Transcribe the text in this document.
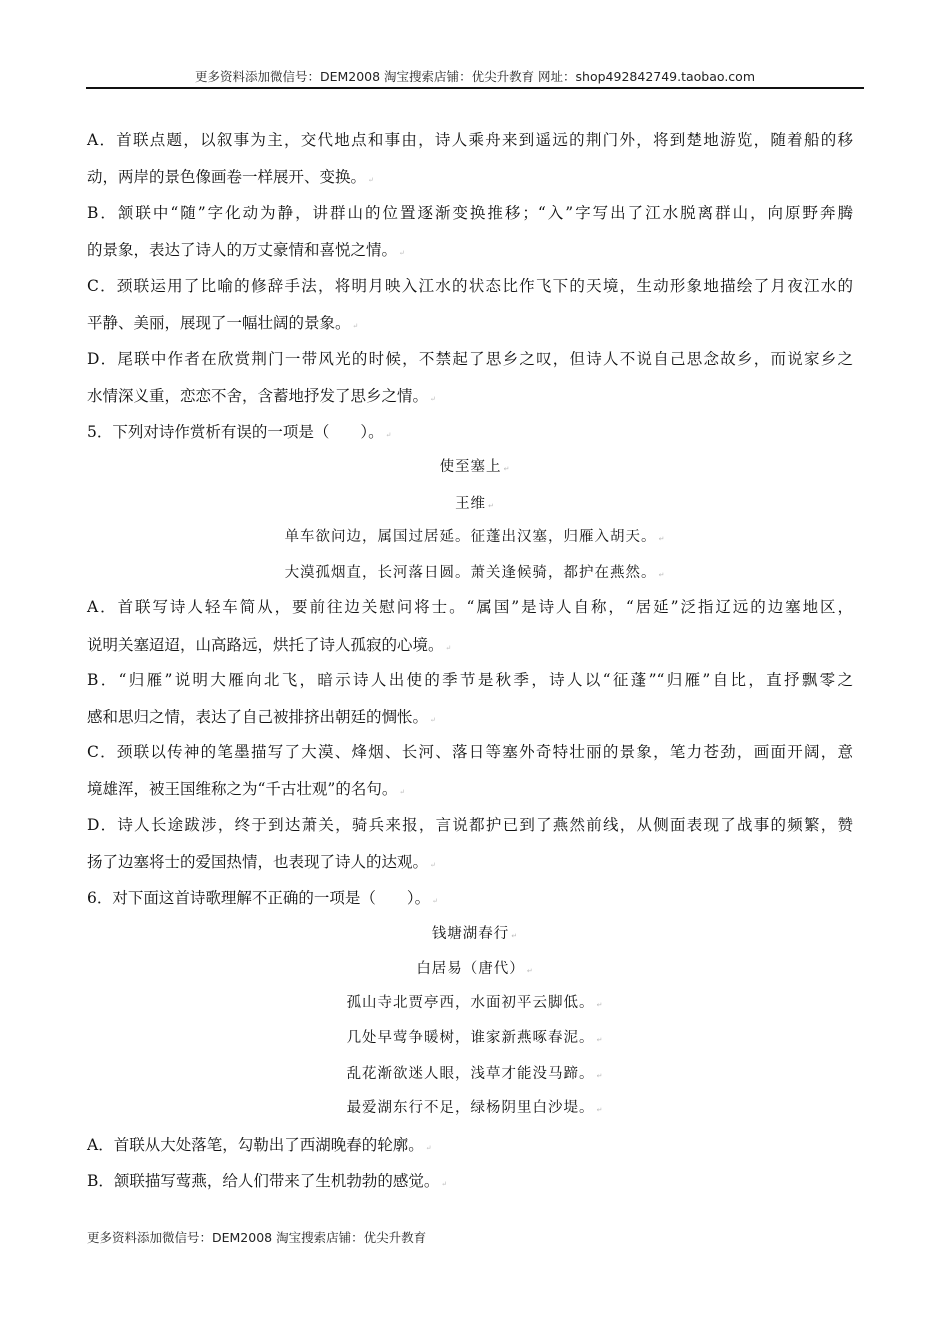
更多资料添加微信号：DEM2008 淘宝搜索店铺：优尖升教育 网址：shop492842749.taobao.com
A．首联点题，以叙事为主，交代地点和事由，诗人乘舟来到遥远的荆门外，将到楚地游览，随着船的移
动，两岸的景色像画卷一样展开、变换。 ↵
B．颔联中“随”字化动为静，讲群山的位置逐渐变换推移；“入”字写出了江水脱离群山，向原野奔腾
的景象，表达了诗人的万丈豪情和喜悦之情。 ↵
C．颈联运用了比喻的修辞手法，将明月映入江水的状态比作飞下的天境，生动形象地描绘了月夜江水的
平静、美丽，展现了一幅壮阔的景象。 ↵
D．尾联中作者在欣赏荆门一带风光的时候，不禁起了思乡之叹，但诗人不说自己思念故乡，而说家乡之
水情深义重，恋恋不舍，含蓄地抒发了思乡之情。 ↵
5．下列对诗作赏析有误的一项是（　　）。 ↵
使至塞上 ↵
王维 ↵
单车欲问边，属国过居延。征蓬出汉塞，归雁入胡天。 ↵
大漠孤烟直，长河落日圆。萧关逢候骑，都护在燕然。 ↵
A．首联写诗人轻车简从，要前往边关慰问将士。“属国”是诗人自称，“居延”泛指辽远的边塞地区，
说明关塞迢迢，山高路远，烘托了诗人孤寂的心境。 ↵
B．“归雁”说明大雁向北飞，暗示诗人出使的季节是秋季，诗人以“征蓬”“归雁”自比，直抒飘零之
感和思归之情，表达了自己被排挤出朝廷的惆怅。 ↵
C．颈联以传神的笔墨描写了大漠、烽烟、长河、落日等塞外奇特壮丽的景象，笔力苍劲，画面开阔，意
境雄浑，被王国维称之为“千古壮观”的名句。 ↵
D．诗人长途跋涉，终于到达萧关，骑兵来报，言说都护已到了燕然前线，从侧面表现了战事的频繁，赞
扬了边塞将士的爱国热情，也表现了诗人的达观。 ↵
6．对下面这首诗歌理解不正确的一项是（　　）。 ↵
钱塘湖春行 ↵
白居易（唐代） ↵
孤山寺北贾亭西，水面初平云脚低。 ↵
几处早莺争暖树，谁家新燕啄春泥。 ↵
乱花渐欲迷人眼，浅草才能没马蹄。 ↵
最爱湖东行不足，绿杨阴里白沙堤。 ↵
A．首联从大处落笔，勾勒出了西湖晚春的轮廓。 ↵
B．颔联描写莺燕，给人们带来了生机勃勃的感觉。 ↵
更多资料添加微信号：DEM2008 淘宝搜索店铺：优尖升教育
